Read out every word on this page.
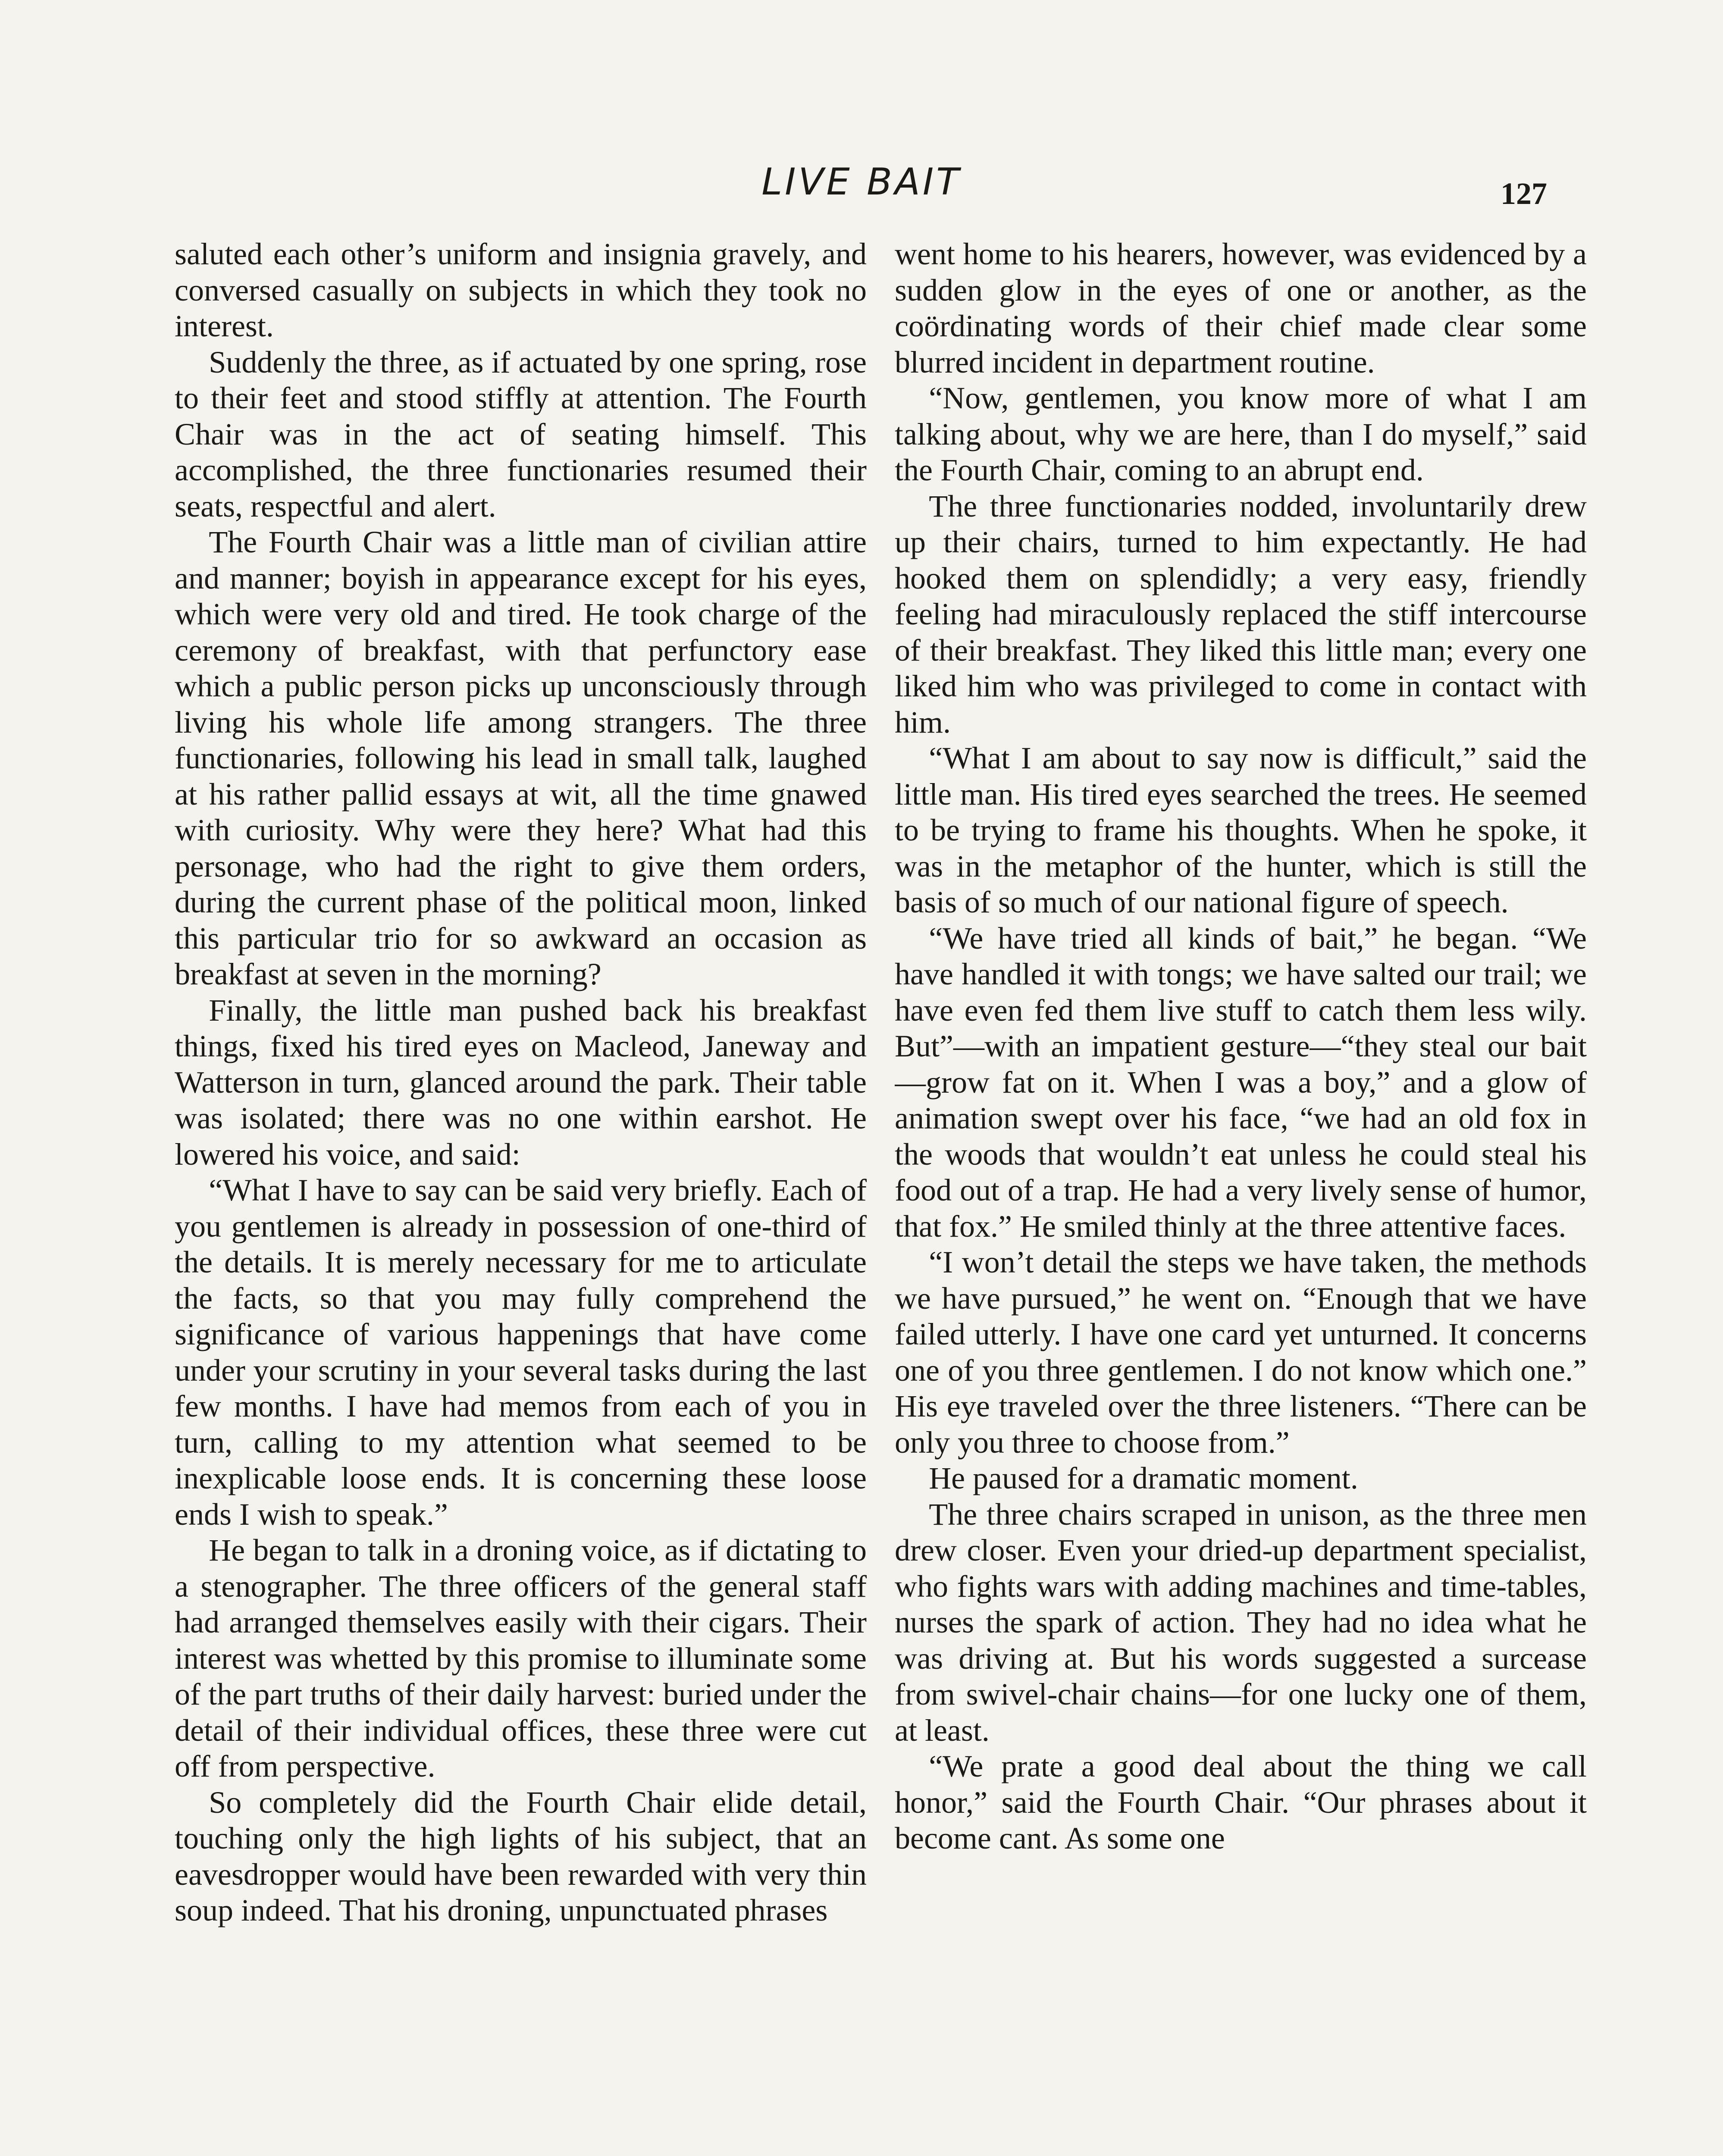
LIVE BAIT	127

saluted each other’s uniform and insignia gravely, and conversed casually on subjects in which they took no interest.

Suddenly the three, as if actuated by one spring, rose to their feet and stood stiffly at attention. The Fourth Chair was in the act of seating himself. This accomplished, the three functionaries resumed their seats, respectful and alert.

The Fourth Chair was a little man of civilian attire and manner; boyish in appearance except for his eyes, which were very old and tired. He took charge of the ceremony of breakfast, with that perfunctory ease which a public person picks up unconsciously through living his whole life among strangers. The three functionaries, following his lead in small talk, laughed at his rather pallid essays at wit, all the time gnawed with curiosity. Why were they here? What had this personage, who had the right to give them orders, during the current phase of the political moon, linked this particular trio for so awkward an occasion as breakfast at seven in the morning?

Finally, the little man pushed back his breakfast things, fixed his tired eyes on Macleod, Janeway and Watterson in turn, glanced around the park. Their table was isolated; there was no one within earshot. He lowered his voice, and said:

“What I have to say can be said very briefly. Each of you gentlemen is already in possession of one-third of the details. It is merely necessary for me to articulate the facts, so that you may fully comprehend the significance of various happenings that have come under your scrutiny in your several tasks during the last few months. I have had memos from each of you in turn, calling to my attention what seemed to be inexplicable loose ends. It is concerning these loose ends I wish to speak.”

He began to talk in a droning voice, as if dictating to a stenographer. The three officers of the general staff had arranged themselves easily with their cigars. Their interest was whetted by this promise to illuminate some of the part truths of their daily harvest: buried under the detail of their individual offices, these three were cut off from perspective.

So completely did the Fourth Chair elide detail, touching only the high lights of his subject, that an eavesdropper would have been rewarded with very thin soup indeed. That his droning, unpunctuated phrases

went home to his hearers, however, was evidenced by a sudden glow in the eyes of one or another, as the coördinating words of their chief made clear some blurred incident in department routine.

“Now, gentlemen, you know more of what I am talking about, why we are here, than I do myself,” said the Fourth Chair, coming to an abrupt end.

The three functionaries nodded, involuntarily drew up their chairs, turned to him expectantly. He had hooked them on splendidly; a very easy, friendly feeling had miraculously replaced the stiff intercourse of their breakfast. They liked this little man; every one liked him who was privileged to come in contact with him.

“What I am about to say now is difficult,” said the little man. His tired eyes searched the trees. He seemed to be trying to frame his thoughts. When he spoke, it was in the metaphor of the hunter, which is still the basis of so much of our national figure of speech.

“We have tried all kinds of bait,” he began. “We have handled it with tongs; we have salted our trail; we have even fed them live stuff to catch them less wily. But”—with an impatient gesture—“they steal our bait—grow fat on it. When I was a boy,” and a glow of animation swept over his face, “we had an old fox in the woods that wouldn’t eat unless he could steal his food out of a trap. He had a very lively sense of humor, that fox.” He smiled thinly at the three attentive faces.

“I won’t detail the steps we have taken, the methods we have pursued,” he went on. “Enough that we have failed utterly. I have one card yet unturned. It concerns one of you three gentlemen. I do not know which one.” His eye traveled over the three listeners. “There can be only you three to choose from.”

He paused for a dramatic moment.

The three chairs scraped in unison, as the three men drew closer. Even your dried-up department specialist, who fights wars with adding machines and time-tables, nurses the spark of action. They had no idea what he was driving at. But his words suggested a surcease from swivel-chair chains—for one lucky one of them, at least.

“We prate a good deal about the thing we call honor,” said the Fourth Chair. “Our phrases about it become cant. As some one
